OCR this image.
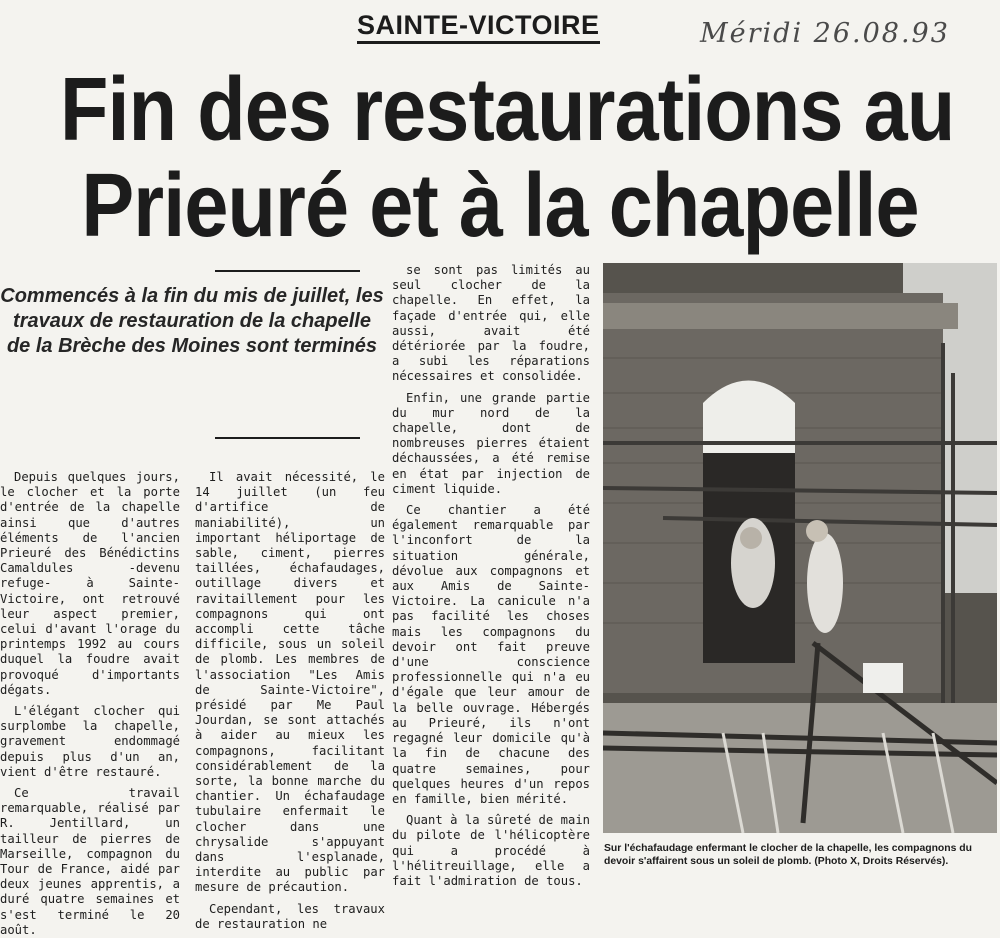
SAINTE-VICTOIRE	Méridi 26.08.93
Fin des restaurations au
Prieuré et à la chapelle
Commencés à la fin du mis de juillet, les travaux de restauration de la chapelle de la Brèche des Moines sont terminés

Depuis quelques jours, le clocher et la porte d'entrée de la chapelle ainsi que d'autres éléments de l'ancien Prieuré des Bénédictins Camaldules -devenu refuge- à Sainte-Victoire, ont retrouvé leur aspect premier, celui d'avant l'orage du printemps 1992 au cours duquel la foudre avait provoqué d'importants dégats.

L'élégant clocher qui surplombe la chapelle, gravement endommagé depuis plus d'un an, vient d'être restauré.

Ce travail remarquable, réalisé par R. Jentillard, un tailleur de pierres de Marseille, compagnon du Tour de France, aidé par deux jeunes apprentis, a duré quatre semaines et s'est terminé le 20 août.

Il avait nécessité, le 14 juillet (un feu d'artifice de maniabilité), un important héliportage de sable, ciment, pierres taillées, échafaudages, outillage divers et ravitaillement pour les compagnons qui ont accompli cette tâche difficile, sous un soleil de plomb. Les membres de l'association "Les Amis de Sainte-Victoire", présidé par Me Paul Jourdan, se sont attachés à aider au mieux les compagnons, facilitant considérablement de la sorte, la bonne marche du chantier. Un échafaudage tubulaire enfermait le clocher dans une chrysalide s'appuyant dans l'esplanade, interdite au public par mesure de précaution.

Cependant, les travaux de restauration ne

se sont pas limités au seul clocher de la chapelle. En effet, la façade d'entrée qui, elle aussi, avait été détériorée par la foudre, a subi les réparations nécessaires et consolidée.

Enfin, une grande partie du mur nord de la chapelle, dont de nombreuses pierres étaient déchaussées, a été remise en état par injection de ciment liquide.

Ce chantier a été également remarquable par l'inconfort de la situation générale, dévolue aux compagnons et aux Amis de Sainte-Victoire. La canicule n'a pas facilité les choses mais les compagnons du devoir ont fait preuve d'une conscience professionnelle qui n'a eu d'égale que leur amour de la belle ouvrage. Hébergés au Prieuré, ils n'ont regagné leur domicile qu'à la fin de chacune des quatre semaines, pour quelques heures d'un repos en famille, bien mérité.

Quant à la sûreté de main du pilote de l'hélicoptère qui a procédé à l'hélitreuillage, elle a fait l'admiration de tous.

Sur l'échafaudage enfermant le clocher de la chapelle, les compagnons du devoir s'affairent sous un soleil de plomb. (Photo X, Droits Réservés).
